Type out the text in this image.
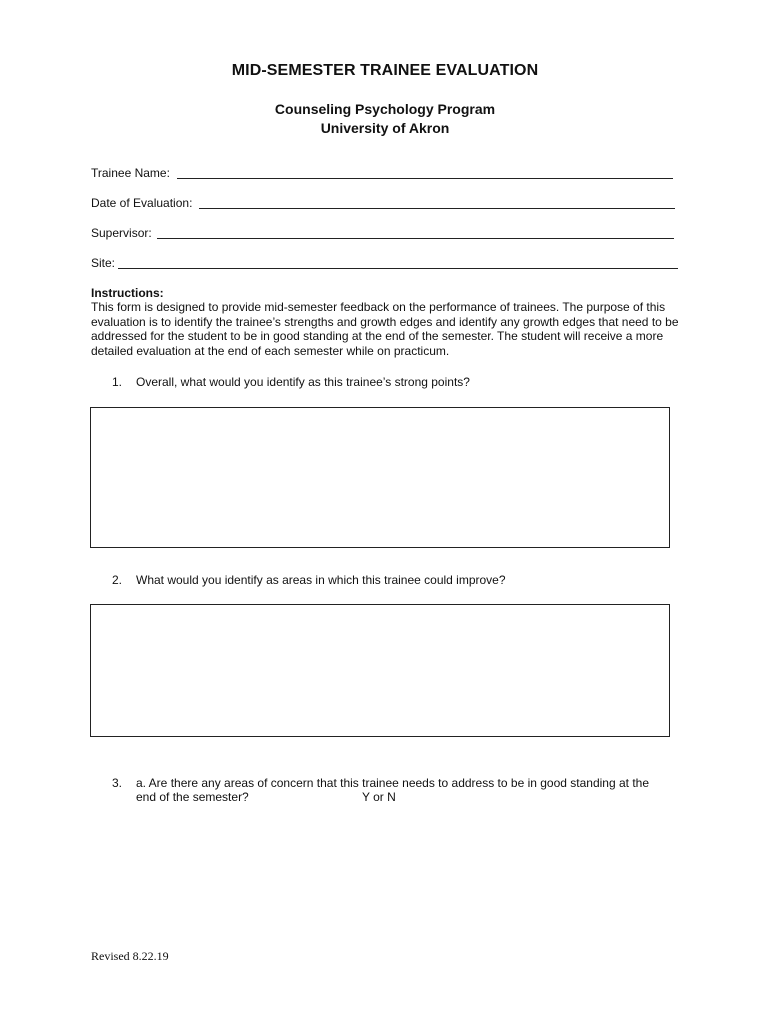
MID-SEMESTER TRAINEE EVALUATION
Counseling Psychology Program
University of Akron
Trainee Name:
Date of Evaluation:
Supervisor:
Site:
Instructions:
This form is designed to provide mid-semester feedback on the performance of trainees. The purpose of this evaluation is to identify the trainee’s strengths and growth edges and identify any growth edges that need to be addressed for the student to be in good standing at the end of the semester. The student will receive a more detailed evaluation at the end of each semester while on practicum.
1. Overall, what would you identify as this trainee’s strong points?
2. What would you identify as areas in which this trainee could improve?
3. a. Are there any areas of concern that this trainee needs to address to be in good standing at the
end of the semester?	Y or N
Revised 8.22.19
